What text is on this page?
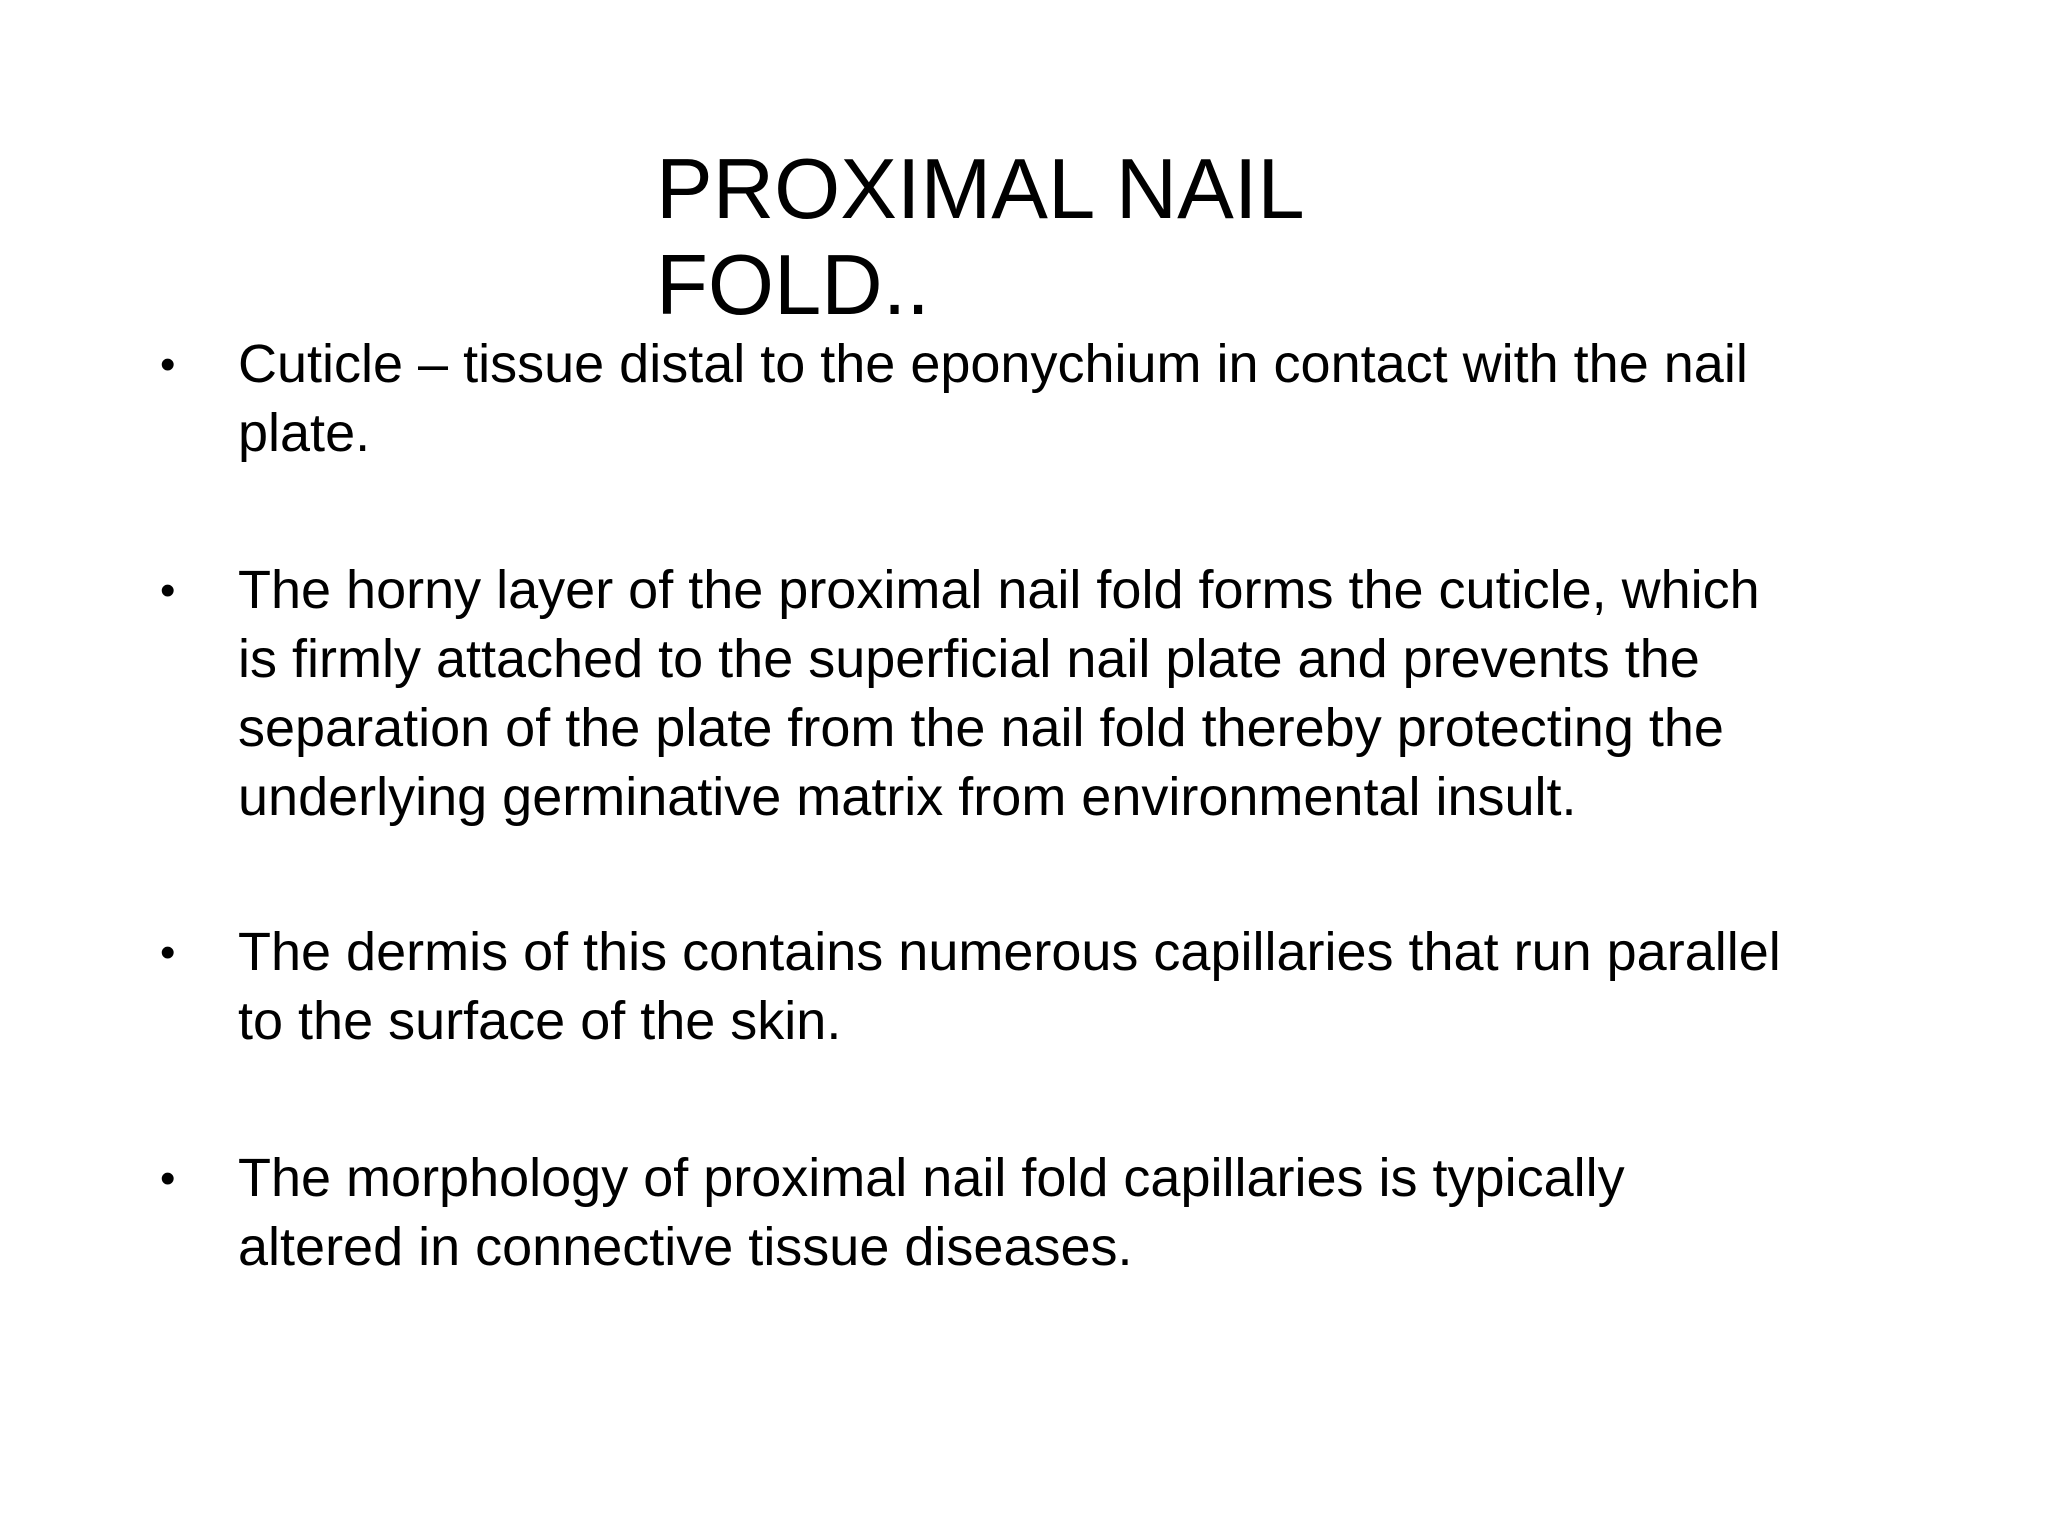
PROXIMAL NAIL
FOLD..
•	Cuticle – tissue distal to the eponychium in contact with the nail
plate.
•	The horny layer of the proximal nail fold forms the cuticle, which
is firmly attached to the superficial nail plate and prevents the
separation of the plate from the nail fold thereby protecting the
underlying germinative matrix from environmental insult.
•	The dermis of this contains numerous capillaries that run parallel
to the surface of the skin.
•	The morphology of proximal nail fold capillaries is typically
altered in connective tissue diseases.
